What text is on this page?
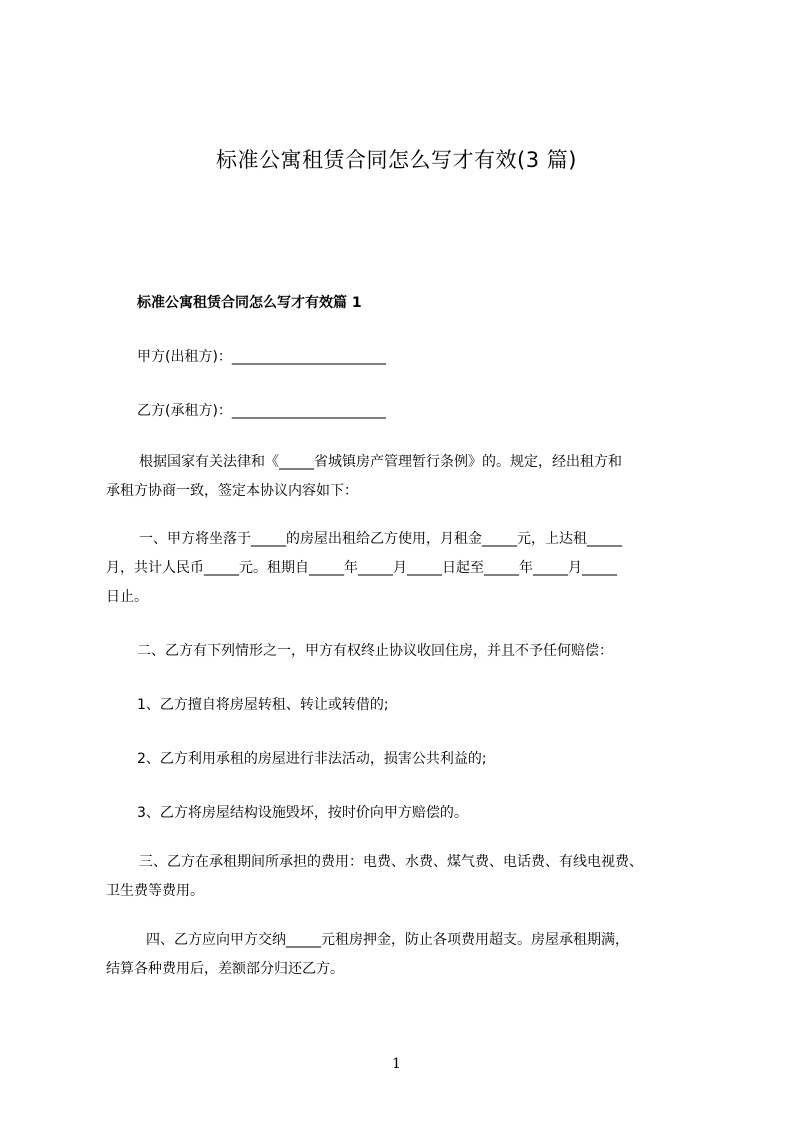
标准公寓租赁合同怎么写才有效(3 篇)
标准公寓租赁合同怎么写才有效篇 1
甲方(出租方)：______________________
乙方(承租方)：______________________
根据国家有关法律和《_____省城镇房产管理暂行条例》的。规定，经出租方和
承租方协商一致，签定本协议内容如下：
一、甲方将坐落于_____的房屋出租给乙方使用，月租金_____元，上达租_____
月，共计人民币_____元。租期自_____年_____月_____日起至_____年_____月_____
日止。
二、乙方有下列情形之一，甲方有权终止协议收回住房，并且不予任何赔偿：
1、乙方擅自将房屋转租、转让或转借的;
2、乙方利用承租的房屋进行非法活动，损害公共利益的;
3、乙方将房屋结构设施毁坏，按时价向甲方赔偿的。
三、乙方在承租期间所承担的费用：电费、水费、煤气费、电话费、有线电视费、
卫生费等费用。
四、乙方应向甲方交纳_____元租房押金，防止各项费用超支。房屋承租期满，
结算各种费用后，差额部分归还乙方。
1
